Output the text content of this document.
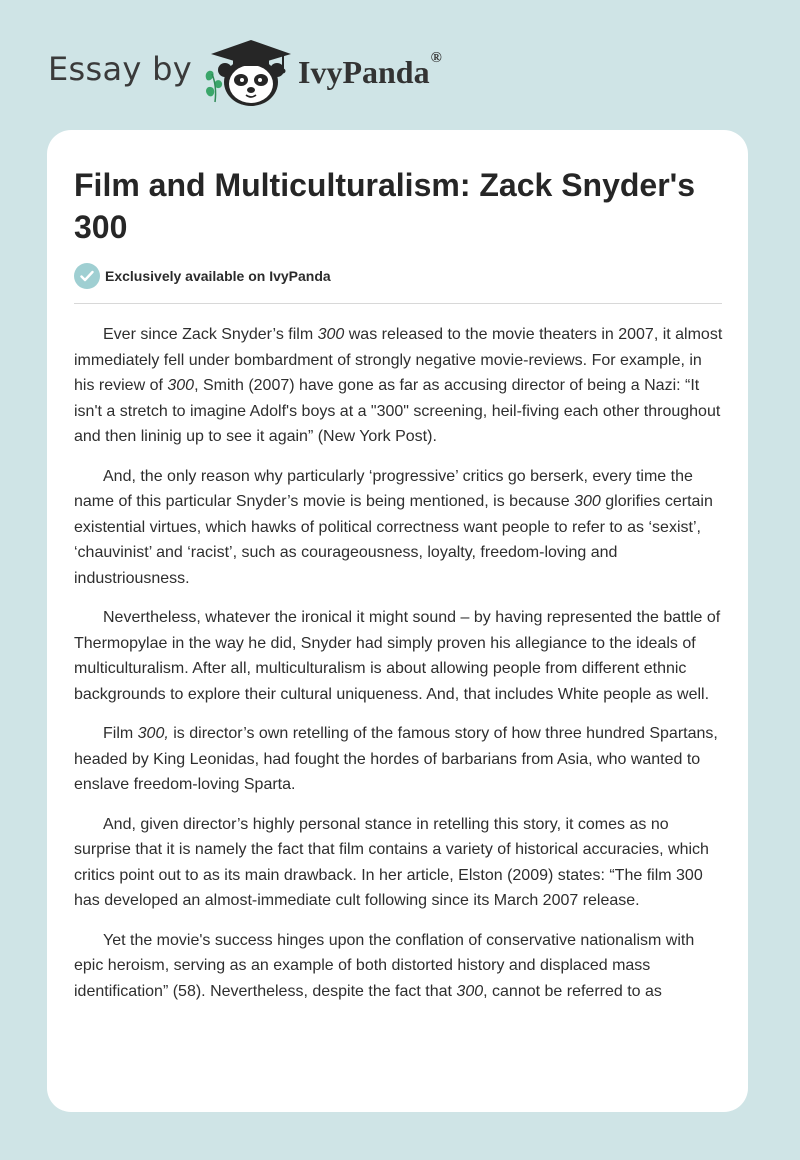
Essay by	IvyPanda®
Film and Multiculturalism: Zack Snyder's 300
Exclusively available on IvyPanda

Ever since Zack Snyder’s film 300 was released to the movie theaters in 2007, it almost immediately fell under bombardment of strongly negative movie-reviews. For example, in his review of 300, Smith (2007) have gone as far as accusing director of being a Nazi: “It isn't a stretch to imagine Adolf's boys at a "300" screening, heil-fiving each other throughout and then lininig up to see it again” (New York Post).

And, the only reason why particularly ‘progressive’ critics go berserk, every time the name of this particular Snyder’s movie is being mentioned, is because 300 glorifies certain existential virtues, which hawks of political correctness want people to refer to as ‘sexist’, ‘chauvinist’ and ‘racist’, such as courageousness, loyalty, freedom-loving and industriousness.

Nevertheless, whatever the ironical it might sound – by having represented the battle of Thermopylae in the way he did, Snyder had simply proven his allegiance to the ideals of multiculturalism. After all, multiculturalism is about allowing people from different ethnic backgrounds to explore their cultural uniqueness. And, that includes White people as well.

Film 300, is director’s own retelling of the famous story of how three hundred Spartans, headed by King Leonidas, had fought the hordes of barbarians from Asia, who wanted to enslave freedom-loving Sparta.

And, given director’s highly personal stance in retelling this story, it comes as no surprise that it is namely the fact that film contains a variety of historical accuracies, which critics point out to as its main drawback. In her article, Elston (2009) states: “The film 300 has developed an almost-immediate cult following since its March 2007 release.

Yet the movie's success hinges upon the conflation of conservative nationalism with epic heroism, serving as an example of both distorted history and displaced mass identification” (58). Nevertheless, despite the fact that 300, cannot be referred to as
